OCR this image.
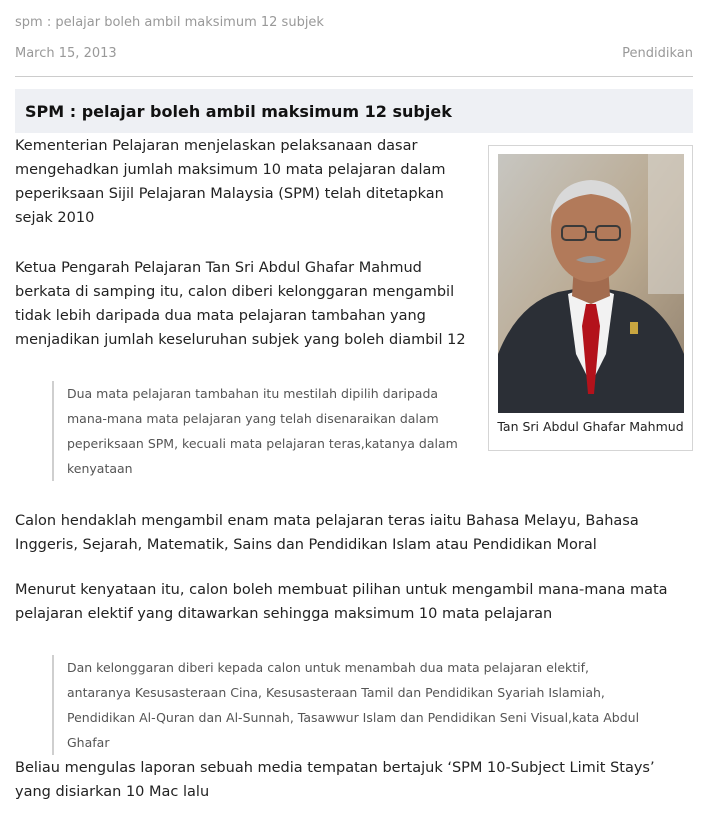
spm : pelajar boleh ambil maksimum 12 subjek
March 15, 2013	Pendidikan
SPM : pelajar boleh ambil maksimum 12 subjek

Kementerian Pelajaran menjelaskan pelaksanaan dasar mengehadkan jumlah maksimum 10 mata pelajaran dalam peperiksaan Sijil Pelajaran Malaysia (SPM) telah ditetapkan sejak 2010

Ketua Pengarah Pelajaran Tan Sri Abdul Ghafar Mahmud berkata di samping itu, calon diberi kelonggaran mengambil tidak lebih daripada dua mata pelajaran tambahan yang menjadikan jumlah keseluruhan subjek yang boleh diambil 12

Dua mata pelajaran tambahan itu mestilah dipilih daripada mana-mana mata pelajaran yang telah disenaraikan dalam peperiksaan SPM, kecuali mata pelajaran teras,katanya dalam kenyataan

Calon hendaklah mengambil enam mata pelajaran teras iaitu Bahasa Melayu, Bahasa Inggeris, Sejarah, Matematik, Sains dan Pendidikan Islam atau Pendidikan Moral

Menurut kenyataan itu, calon boleh membuat pilihan untuk mengambil mana-mana mata pelajaran elektif yang ditawarkan sehingga maksimum 10 mata pelajaran

Dan kelonggaran diberi kepada calon untuk menambah dua mata pelajaran elektif, antaranya Kesusasteraan Cina, Kesusasteraan Tamil dan Pendidikan Syariah Islamiah, Pendidikan Al-Quran dan Al-Sunnah, Tasawwur Islam dan Pendidikan Seni Visual,kata Abdul Ghafar

Beliau mengulas laporan sebuah media tempatan bertajuk ‘SPM 10-Subject Limit Stays’ yang disiarkan 10 Mac lalu

Tan Sri Abdul Ghafar Mahmud
